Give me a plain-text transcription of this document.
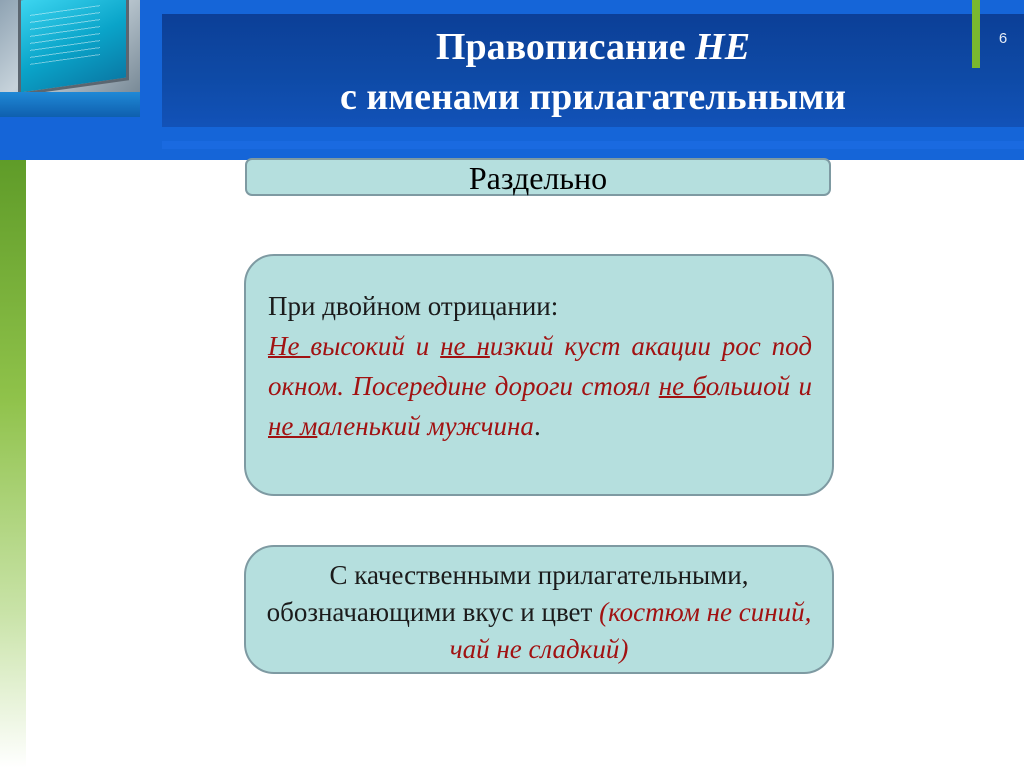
6
Правописание НЕ
с именами прилагательными
Раздельно
При двойном отрицании:
Не высокий и не низкий куст акации рос под окном. Посередине дороги стоял не большой и не маленький мужчина.
С качественными прилагательными, обозначающими вкус и цвет (костюм не синий, чай не сладкий)
